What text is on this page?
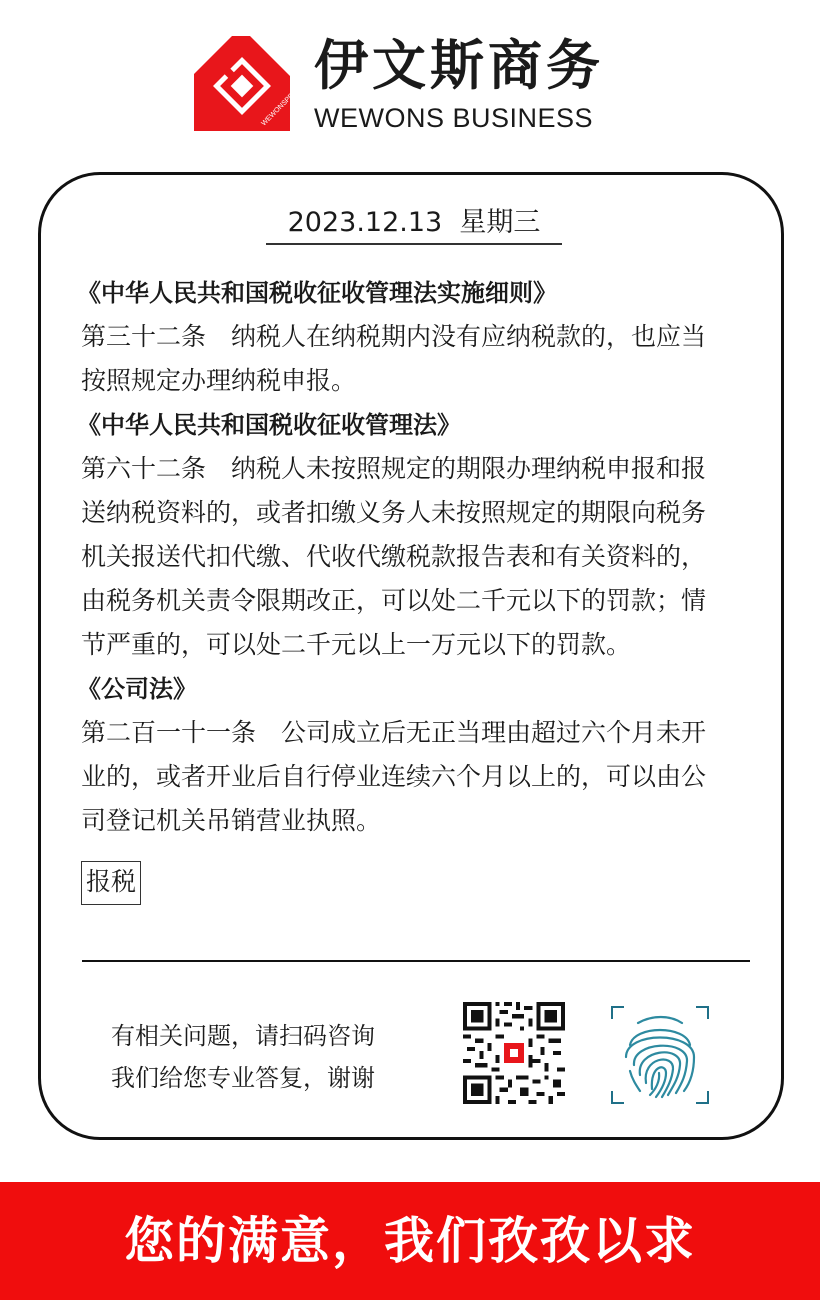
WEWONSPRO
伊文斯商务
WEWONS BUSINESS
2023.12.13  星期三
《中华人民共和国税收征收管理法实施细则》
第三十二条　纳税人在纳税期内没有应纳税款的，也应当
按照规定办理纳税申报。
《中华人民共和国税收征收管理法》
第六十二条　纳税人未按照规定的期限办理纳税申报和报
送纳税资料的，或者扣缴义务人未按照规定的期限向税务
机关报送代扣代缴、代收代缴税款报告表和有关资料的，
由税务机关责令限期改正，可以处二千元以下的罚款；情
节严重的，可以处二千元以上一万元以下的罚款。
《公司法》
第二百一十一条　公司成立后无正当理由超过六个月未开
业的，或者开业后自行停业连续六个月以上的，可以由公
司登记机关吊销营业执照。
报税
有相关问题，请扫码咨询
我们给您专业答复，谢谢
您的满意，我们孜孜以求
